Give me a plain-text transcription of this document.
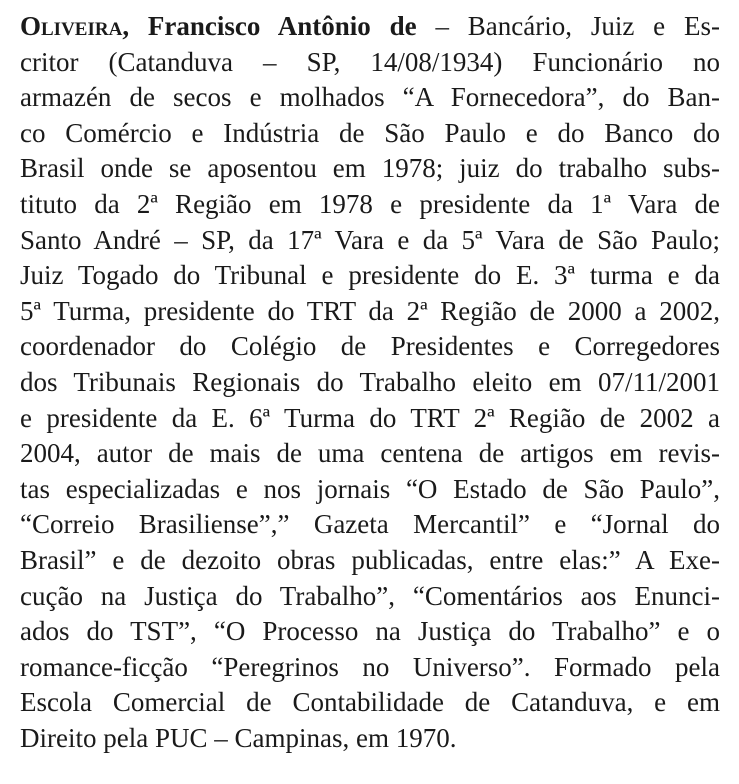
Oliveira, Francisco Antônio de – Bancário, Juiz e Es-
critor (Catanduva – SP, 14/08/1934) Funcionário no
armazén de secos e molhados “A Fornecedora”, do Ban-
co Comércio e Indústria de São Paulo e do Banco do
Brasil onde se aposentou em 1978; juiz do trabalho subs-
tituto da 2ª Região em 1978 e presidente da 1ª Vara de
Santo André – SP, da 17ª Vara e da 5ª Vara de São Paulo;
Juiz Togado do Tribunal e presidente do E. 3ª turma e da
5ª Turma, presidente do TRT da 2ª Região de 2000 a 2002,
coordenador do Colégio de Presidentes e Corregedores
dos Tribunais Regionais do Trabalho eleito em 07/11/2001
e presidente da E. 6ª Turma do TRT 2ª Região de 2002 a
2004, autor de mais de uma centena de artigos em revis-
tas especializadas e nos jornais “O Estado de São Paulo”,
“Correio Brasiliense”,” Gazeta Mercantil” e “Jornal do
Brasil” e de dezoito obras publicadas, entre elas:” A Exe-
cução na Justiça do Trabalho”, “Comentários aos Enunci-
ados do TST”, “O Processo na Justiça do Trabalho” e o
romance-ficção “Peregrinos no Universo”. Formado pela
Escola Comercial de Contabilidade de Catanduva, e em
Direito pela PUC – Campinas, em 1970.
